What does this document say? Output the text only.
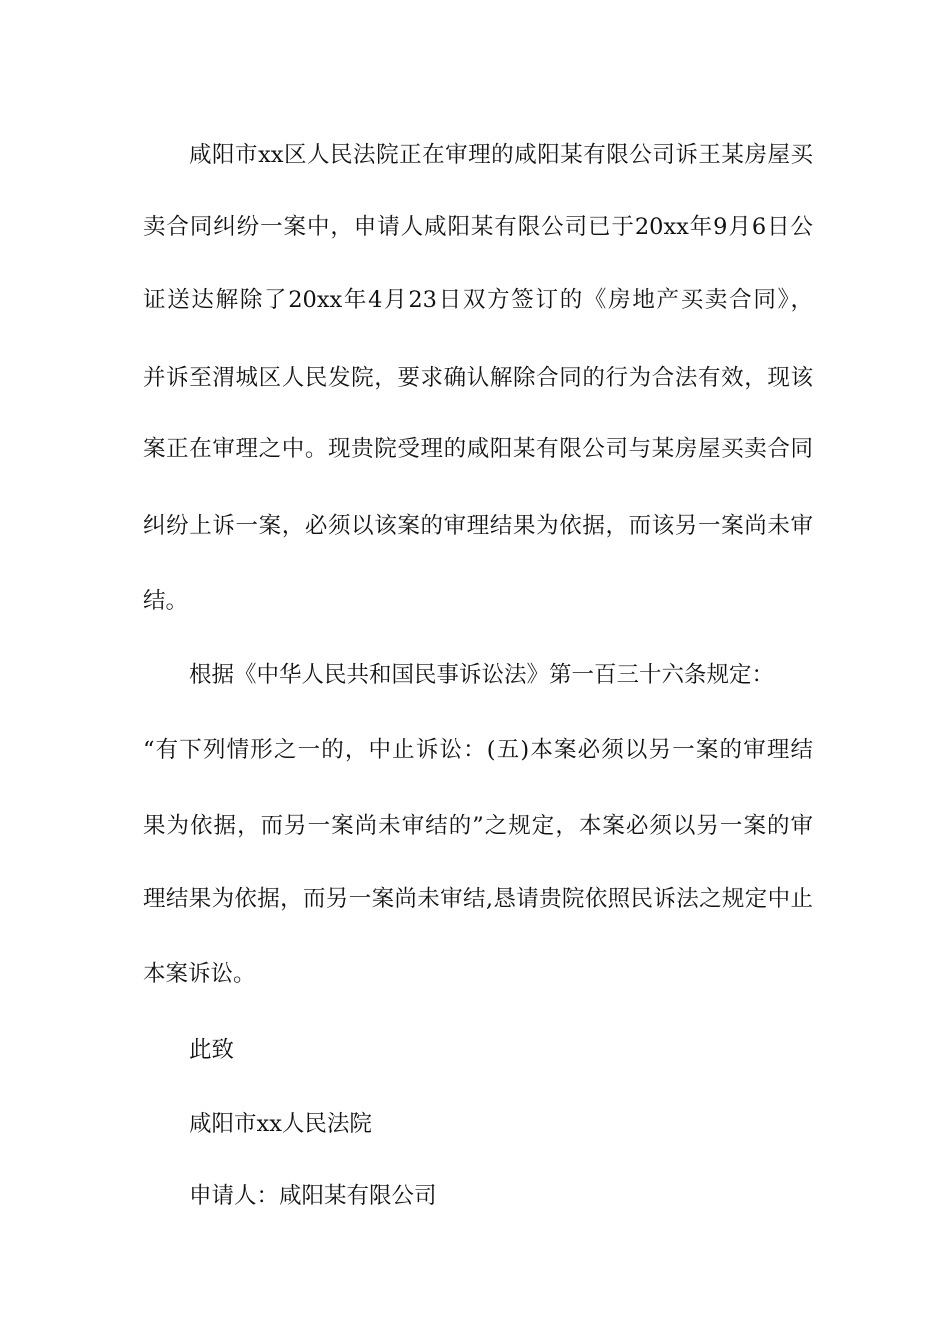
咸阳市xx区人民法院正在审理的咸阳某有限公司诉王某房屋买
卖合同纠纷一案中，申请人咸阳某有限公司已于20xx年9月6日公
证送达解除了20xx年4月23日双方签订的《房地产买卖合同》，
并诉至渭城区人民发院，要求确认解除合同的行为合法有效，现该
案正在审理之中。现贵院受理的咸阳某有限公司与某房屋买卖合同
纠纷上诉一案，必须以该案的审理结果为依据，而该另一案尚未审
结。
根据《中华人民共和国民事诉讼法》第一百三十六条规定：
“有下列情形之一的，中止诉讼：(五)本案必须以另一案的审理结
果为依据，而另一案尚未审结的”之规定，本案必须以另一案的审
理结果为依据，而另一案尚未审结,恳请贵院依照民诉法之规定中止
本案诉讼。
此致
咸阳市xx人民法院
申请人：咸阳某有限公司
